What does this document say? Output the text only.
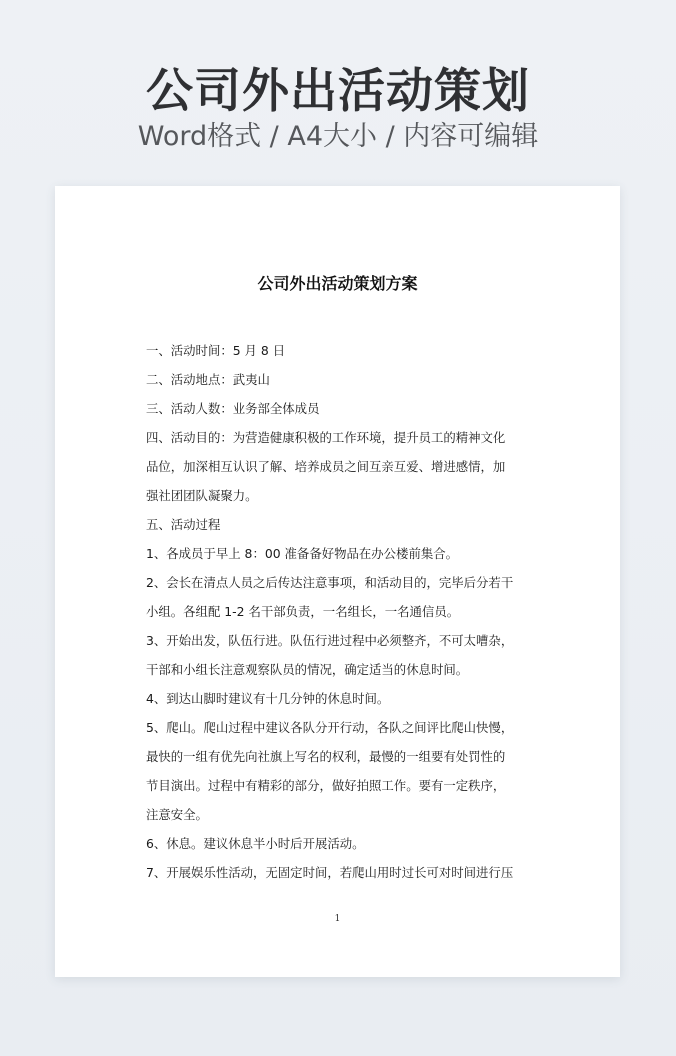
公司外出活动策划

Word格式 / A4大小 / 内容可编辑

公司外出活动策划方案
一、活动时间：5 月 8 日
二、活动地点：武夷山
三、活动人数：业务部全体成员
四、活动目的：为营造健康积极的工作环境，提升员工的精神文化
品位，加深相互认识了解、培养成员之间互亲互爱、增进感情，加
强社团团队凝聚力。
五、活动过程
1、各成员于早上 8：00 准备备好物品在办公楼前集合。
2、会长在清点人员之后传达注意事项，和活动目的，完毕后分若干
小组。各组配 1-2 名干部负责，一名组长，一名通信员。
3、开始出发，队伍行进。队伍行进过程中必须整齐，不可太嘈杂，
干部和小组长注意观察队员的情况，确定适当的休息时间。
4、到达山脚时建议有十几分钟的休息时间。
5、爬山。爬山过程中建议各队分开行动，各队之间评比爬山快慢，
最快的一组有优先向社旗上写名的权利，最慢的一组要有处罚性的
节目演出。过程中有精彩的部分，做好拍照工作。要有一定秩序，
注意安全。
6、休息。建议休息半小时后开展活动。
7、开展娱乐性活动，无固定时间，若爬山用时过长可对时间进行压
1
